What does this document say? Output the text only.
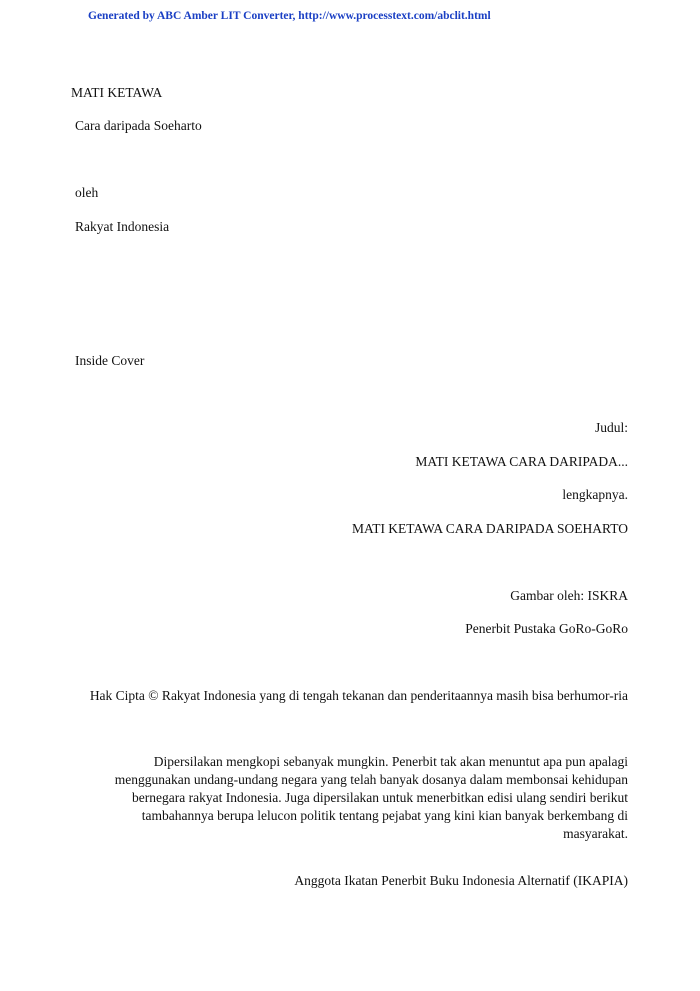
Generated by ABC Amber LIT Converter, http://www.processtext.com/abclit.html
MATI KETAWA
Cara daripada Soeharto
oleh
Rakyat Indonesia
Inside Cover
Judul:
MATI KETAWA CARA DARIPADA...
lengkapnya.
MATI KETAWA CARA DARIPADA SOEHARTO
Gambar oleh: ISKRA
Penerbit Pustaka GoRo-GoRo
Hak Cipta © Rakyat Indonesia yang di tengah tekanan dan penderitaannya masih bisa berhumor-ria
Dipersilakan mengkopi sebanyak mungkin. Penerbit tak akan menuntut apa pun apalagi menggunakan undang-undang negara yang telah banyak dosanya dalam membonsai kehidupan bernegara rakyat Indonesia. Juga dipersilakan untuk menerbitkan edisi ulang sendiri berikut tambahannya berupa lelucon politik tentang pejabat yang kini kian banyak berkembang di masyarakat.
Anggota Ikatan Penerbit Buku Indonesia Alternatif (IKAPIA)
